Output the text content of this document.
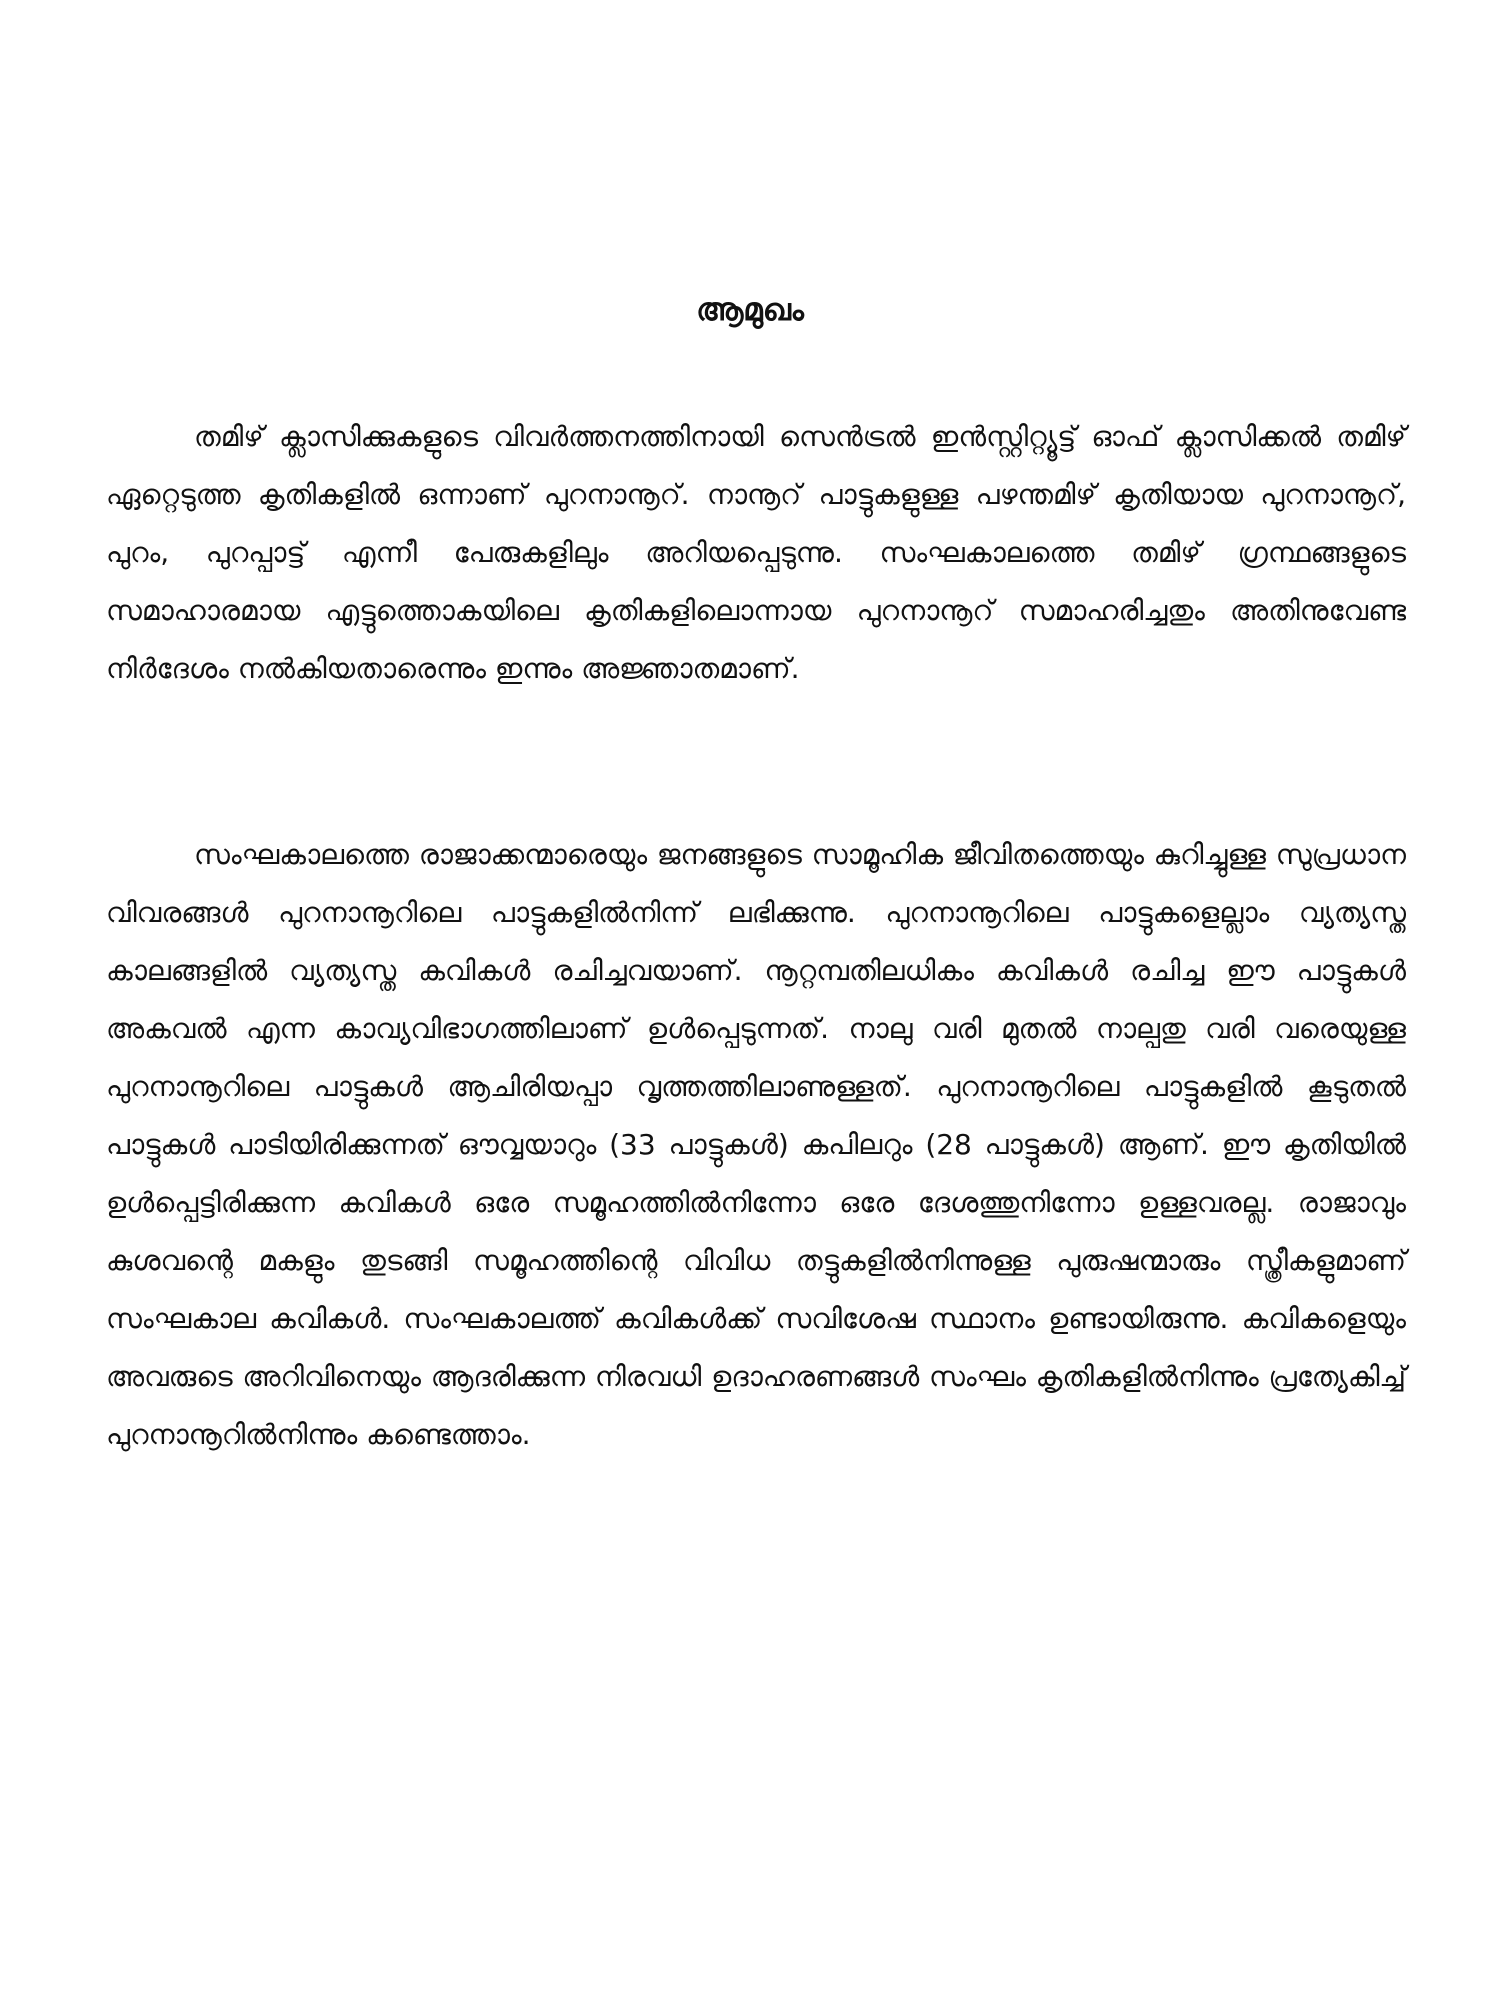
ആമുഖം

തമിഴ് ക്ലാസിക്കുകളുടെ വിവർത്തനത്തിനായി സെൻട്രൽ ഇൻസ്റ്റിറ്റ്യൂട്ട് ഓഫ് ക്ലാസിക്കൽ തമിഴ് ഏറ്റെടുത്ത കൃതികളിൽ ഒന്നാണ് പുറനാനൂറ്. നാനൂറ് പാട്ടുകളുള്ള പഴന്തമിഴ് കൃതിയായ പുറനാനൂറ്, പുറം, പുറപ്പാട്ട് എന്നീ പേരുകളിലും അറിയപ്പെടുന്നു. സംഘകാലത്തെ തമിഴ് ഗ്രന്ഥങ്ങളുടെ സമാഹാരമായ എട്ടുത്തൊകയിലെ കൃതികളിലൊന്നായ പുറനാനൂറ് സമാഹരിച്ചതും അതിനുവേണ്ട നിർദേശം നൽകിയതാരെന്നും ഇന്നും അജ്ഞാതമാണ്.

സംഘകാലത്തെ രാജാക്കന്മാരെയും ജനങ്ങളുടെ സാമൂഹിക ജീവിതത്തെയും കുറിച്ചുള്ള സുപ്രധാന വിവരങ്ങൾ പുറനാനൂറിലെ പാട്ടുകളിൽനിന്ന് ലഭിക്കുന്നു. പുറനാനൂറിലെ പാട്ടുകളെല്ലാം വ്യത്യസ്ത കാലങ്ങളിൽ വ്യത്യസ്ത കവികൾ രചിച്ചവയാണ്. നൂറ്റമ്പതിലധികം കവികൾ രചിച്ച ഈ പാട്ടുകൾ അകവൽ എന്ന കാവ്യവിഭാഗത്തിലാണ് ഉൾപ്പെടുന്നത്. നാലു വരി മുതൽ നാല്പതു വരി വരെയുള്ള പുറനാനൂറിലെ പാട്ടുകൾ ആചിരിയപ്പാ വൃത്തത്തിലാണുള്ളത്. പുറനാനൂറിലെ പാട്ടുകളിൽ കൂടുതൽ പാട്ടുകൾ പാടിയിരിക്കുന്നത് ഔവ്വയാറും (33 പാട്ടുകൾ) കപിലറും (28 പാട്ടുകൾ) ആണ്. ഈ കൃതിയിൽ ഉൾപ്പെട്ടിരിക്കുന്ന കവികൾ ഒരേ സമൂഹത്തിൽനിന്നോ ഒരേ ദേശത്തുനിന്നോ ഉള്ളവരല്ല. രാജാവും കുശവന്റെ മകളും തുടങ്ങി സമൂഹത്തിന്റെ വിവിധ തട്ടുകളിൽനിന്നുള്ള പുരുഷന്മാരും സ്ത്രീകളുമാണ് സംഘകാല കവികൾ. സംഘകാലത്ത് കവികൾക്ക് സവിശേഷ സ്ഥാനം ഉണ്ടായിരുന്നു. കവികളെയും അവരുടെ അറിവിനെയും ആദരിക്കുന്ന നിരവധി ഉദാഹരണങ്ങൾ സംഘം കൃതികളിൽനിന്നും പ്രത്യേകിച്ച് പുറനാനൂറിൽനിന്നും കണ്ടെത്താം.
